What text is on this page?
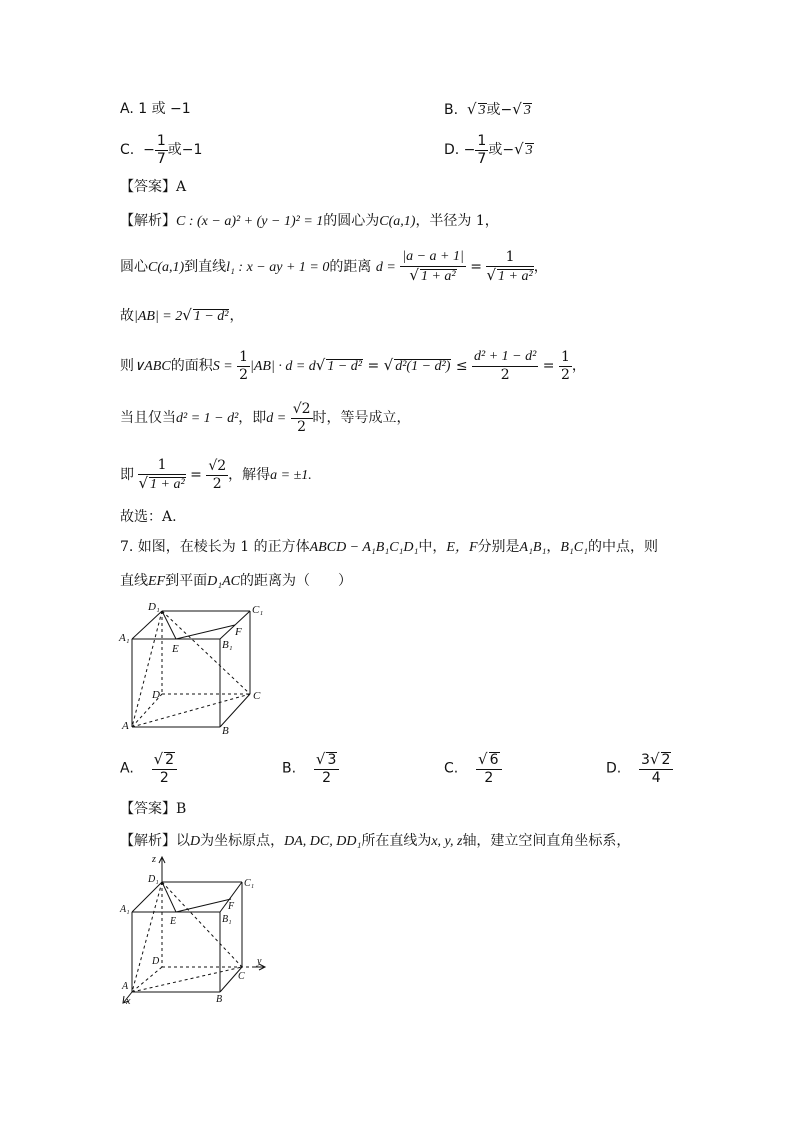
A. 1 或 −1	B. √ 3或−√ 3
C.  − $\frac{1}{7}$ 或−1	D. − $\frac{1}{7}$ 或−√ 3
【答案】A
【解析】C : (x − a)² + (y − 1)² = 1的圆心为C(a,1)，半径为 1，
圆心C(a,1)到直线l₁ : x − ay + 1 = 0的距离 $d = \frac{|a - a + 1|}{\text{√ 1 + a²}} = \frac{1}{\text{√ 1 + a²}}$ ，
故|AB| = 2√ 1 − d²，
则∨ABC的面积$S = \frac{1}{2} |AB| \cdot d = d√$ 1 − d² = √ $d^2(1 - d^2) \le \frac{\text{d² + 1 − d²}}{2} = \frac{1}{2}$ ，
当且仅当d² = 1 − d²，即$d = \frac{√2}{2}$ 时，等号成立，
即 $\frac{1}{\text{√ 1 + a²}} = \frac{√2}{2}$ ，解得a = ±1.
故选：A.
7. 如图，在棱长为 1 的正方体ABCD − A₁B₁C₁D₁中，E，F分别是A₁B₁，B₁C₁的中点，则
直线EF到平面D₁AC的距离为（　　）
D₁	C₁
A₁	F
E	B₁
D	C
A	B
A. $\frac{√ 2}{2}$	B. $\frac{√ 3}{2}$	C. $\frac{√ 6}{2}$	D. $\frac{3√ 2}{4}$
【答案】B
【解析】以D为坐标原点，DA, DC, DD₁所在直线为x, y, z轴，建立空间直角坐标系，
z
y
x
D₁	C₁
A₁	F
E	B₁
D
C
A
B
